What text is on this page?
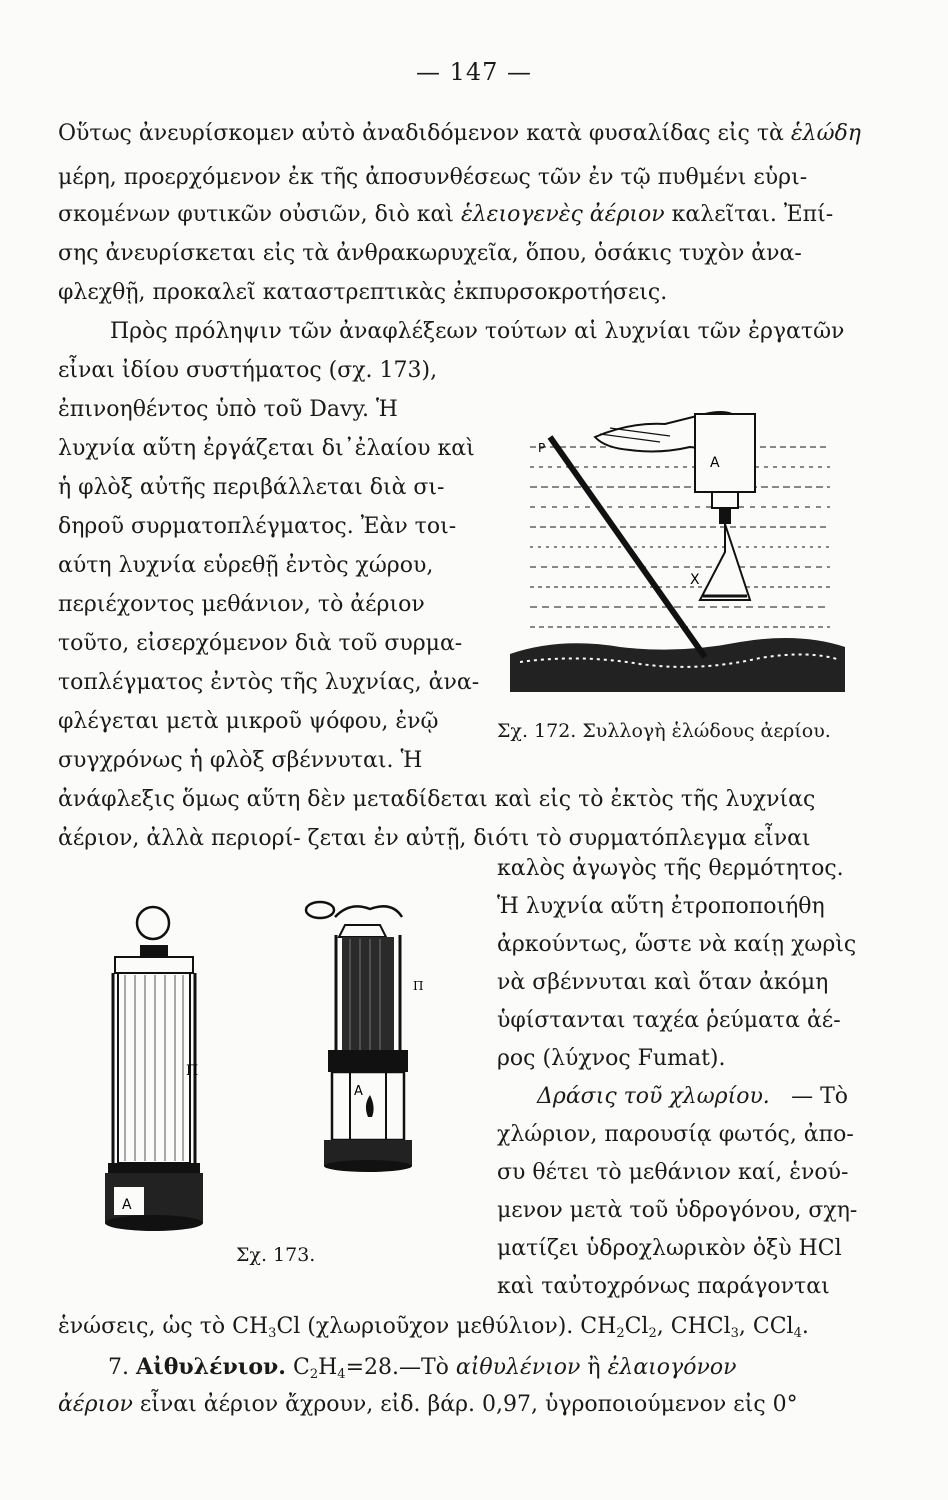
— 147 —
Οὕτως ἀνευρίσκομεν αὐτὸ ἀναδιδόμενον κατὰ φυσαλίδας εἰς τὰ ἑλώδη
μέρη, προερχόμενον ἐκ τῆς ἀποσυνθέσεως τῶν ἐν τῷ πυθμένι εὑρι-
σκομένων φυτικῶν οὐσιῶν, διὸ καὶ ἑλειογενὲς ἀέριον καλεῖται. Ἐπί-
σης ἀνευρίσκεται εἰς τὰ ἀνθρακωρυχεῖα, ὅπου, ὁσάκις τυχὸν ἀνα-
φλεχθῇ, προκαλεῖ καταστρεπτικὰς ἐκπυρσοκροτήσεις.
Πρὸς πρόληψιν τῶν ἀναφλέξεων τούτων αἱ λυχνίαι τῶν ἐργατῶν
εἶναι ἰδίου συστήματος (σχ. 173),
ἐπινοηθέντος ὑπὸ τοῦ Davy. Ἡ
λυχνία αὕτη ἐργάζεται δι᾽ἐλαίου καὶ
ἡ φλὸξ αὐτῆς περιβάλλεται διὰ σι-
δηροῦ συρματοπλέγματος. Ἐὰν τοι-
αύτη λυχνία εὑρεθῇ ἐντὸς χώρου,
περιέχοντος μεθάνιον, τὸ ἀέριον
τοῦτο, εἰσερχόμενον διὰ τοῦ συρμα-
τοπλέγματος ἐντὸς τῆς λυχνίας, ἀνα-
φλέγεται μετὰ μικροῦ ψόφου, ἐνῷ
συγχρόνως ἡ φλὸξ σβέννυται. Ἡ
ἀνάφλεξις ὅμως αὕτη δὲν μεταδίδεται καὶ εἰς τὸ ἐκτὸς τῆς λυχνίας
ἀέριον, ἀλλὰ περιορί- ζεται ἐν αὐτῇ, διότι τὸ συρματόπλεγμα εἶναι
καλὸς ἀγωγὸς τῆς θερμότητος.
Ἡ λυχνία αὕτη ἐτροποποιήθη
ἀρκούντως, ὥστε νὰ καίῃ χωρὶς
νὰ σβέννυται καὶ ὅταν ἀκόμη
ὑφίστανται ταχέα ῥεύματα ἀέ-
ρος (λύχνος Fumat).
Δράσις τοῦ χλωρίου. — Τὸ
χλώριον, παρουσίᾳ φωτός, ἀπο-
συ θέτει τὸ μεθάνιον καί, ἑνού-
μενον μετὰ τοῦ ὑδρογόνου, σχη-
ματίζει ὑδροχλωρικὸν ὀξὺ HCl
καὶ ταὐτοχρόνως παράγονται
ἑνώσεις, ὡς τὸ $CH_3Cl$ (χλωριοῦχον μεθύλιον). $CH_2Cl_2$, CHCl$_3$, CCl$_4$.
7. Αἰθυλένιον. $C_2H_4=28.—Tὸ$ αἰθυλένιον ἢ ἐλαιογόνον
ἀέριον εἶναι ἀέριον ἄχρουν, εἰδ. βάρ. 0,97, ὑγροποιούμενον εἰς 0°
P
A
X
Σχ. 172. Συλλογὴ ἑλώδους ἀερίου.
Π
A
Π
A
Σχ. 173.
